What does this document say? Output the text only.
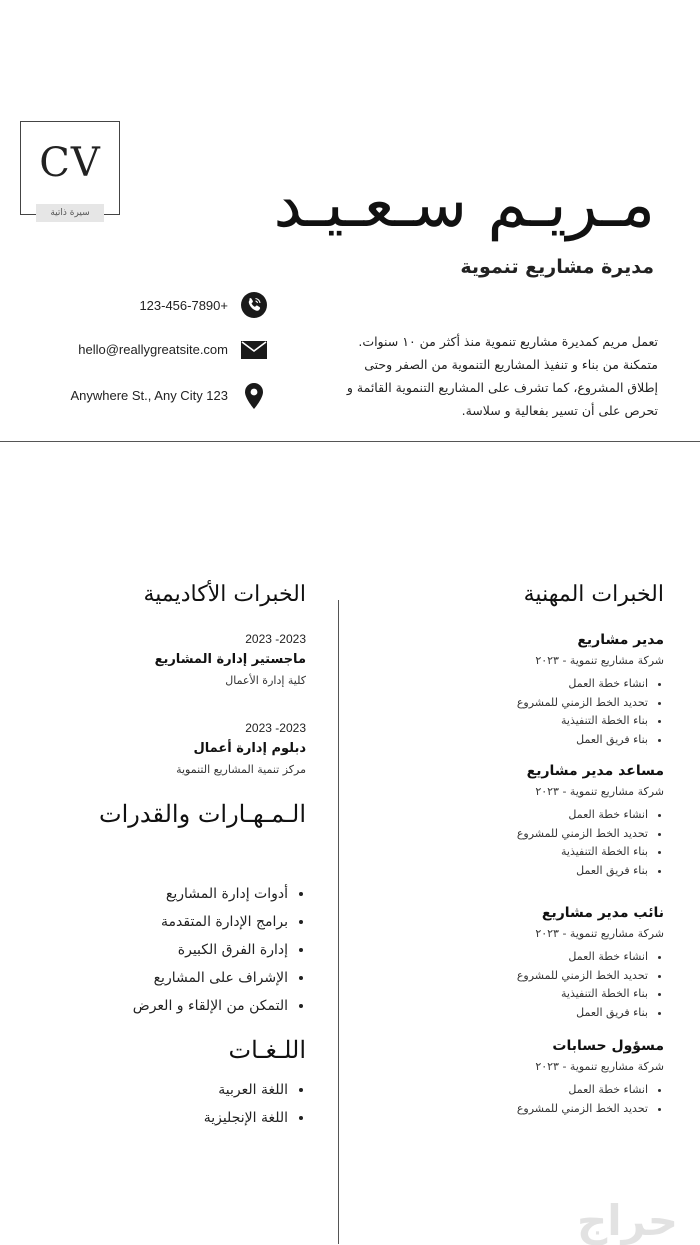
CV
سيرة ذاتية	مـريـم سـعـيـد
مديرة مشاريع تنموية
123-456-7890+
hello@reallygreatsite.com
Anywhere St., Any City 123
تعمل مريم كمديرة مشاريع تنموية منذ أكثر من ١٠ سنوات. متمكنة من بناء و تنفيذ المشاريع التنموية من الصفر وحتى إطلاق المشروع، كما تشرف على المشاريع التنموية القائمة و تحرص على أن تسير بفعالية و سلاسة.
الخبرات المهنية
مدير مشاريع
شركة مشاريع تنموية - ٢٠٢٣
• انشاء خطة العمل
• تحديد الخط الزمني للمشروع
• بناء الخطة التنفيذية
• بناء فريق العمل
مساعد مدير مشاريع
شركة مشاريع تنموية - ٢٠٢٣
• انشاء خطة العمل
• تحديد الخط الزمني للمشروع
• بناء الخطة التنفيذية
• بناء فريق العمل
نائب مدير مشاريع
شركة مشاريع تنموية - ٢٠٢٣
• انشاء خطة العمل
• تحديد الخط الزمني للمشروع
• بناء الخطة التنفيذية
• بناء فريق العمل
مسؤول حسابات
شركة مشاريع تنموية - ٢٠٢٣
• انشاء خطة العمل
• تحديد الخط الزمني للمشروع
الخبرات الأكاديمية
2023- 2023
ماجستير إدارة المشاريع
كلية إدارة الأعمال
2023- 2023
دبلوم إدارة أعمال
مركز تنمية المشاريع التنموية
الـمـهـارات والقدرات
• أدوات إدارة المشاريع
• برامج الإدارة المتقدمة
• إدارة الفرق الكبيرة
• الإشراف على المشاريع
• التمكن من الإلقاء و العرض
اللـغـات
• اللغة العربية
• اللغة الإنجليزية
حراج
